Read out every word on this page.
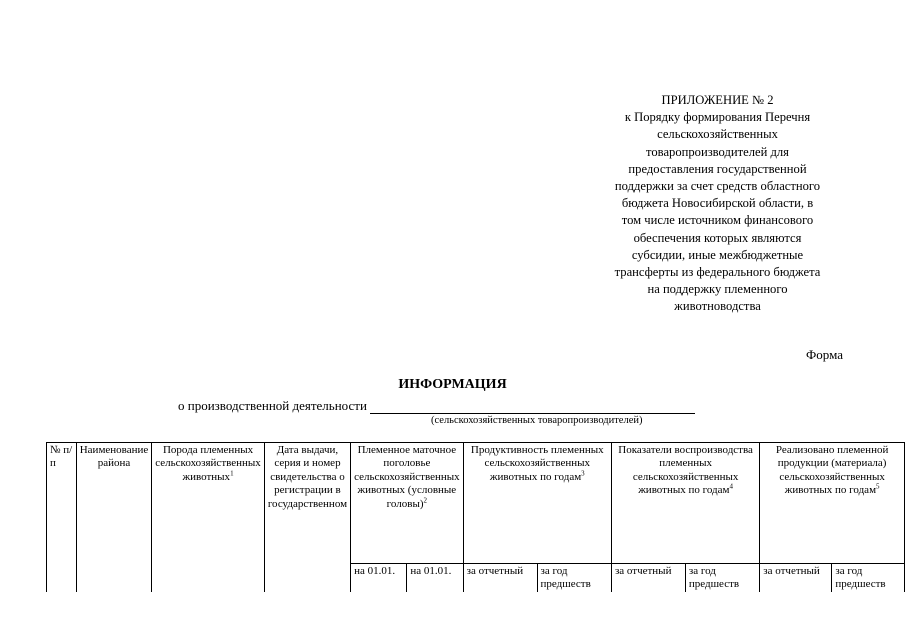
ПРИЛОЖЕНИЕ № 2
к Порядку формирования Перечня
сельскохозяйственных
товаропроизводителей для
предоставления государственной
поддержки за счет средств областного
бюджета Новосибирской области, в
том числе источником финансового
обеспечения которых являются
субсидии, иные межбюджетные
трансферты из федерального бюджета
на поддержку племенного
животноводства
Форма
ИНФОРМАЦИЯ
о производственной деятельности
(сельскохозяйственных товаропроизводителей)
№ п/п	Наименование района	Порода племенных сельскохозяйственных животных$^1$	Дата выдачи, серия и номер свидетельства о регистрации в государственном	Племенное маточное поголовье сельскохозяйственных животных (условные головы)$^2$		Продуктивность племенных сельскохозяйственных животных по годам$^3$		Показатели воспроизводства племенных сельскохозяйственных животных по годам$^4$		Реализовано племенной продукции (материала) сельскохозяйственных животных по годам$^5$
				на 01.01.	на 01.01.	за отчетный	за год предшеств	за отчетный	за год предшеств	за отчетный	за год предшеств
